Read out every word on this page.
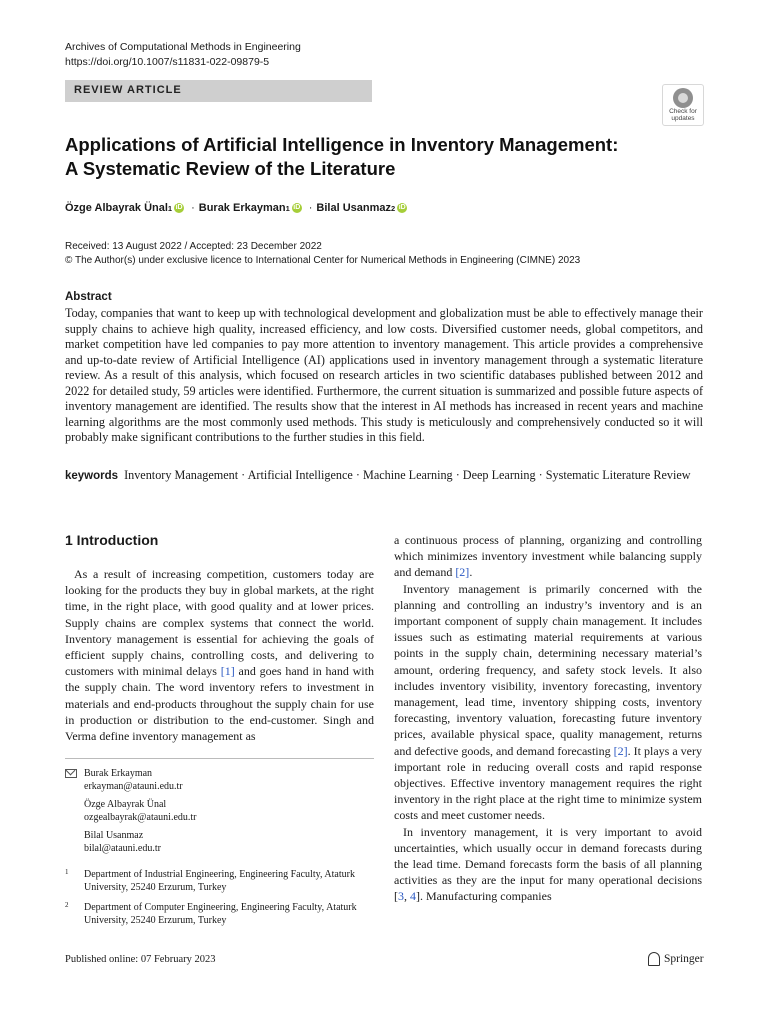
Archives of Computational Methods in Engineering
https://doi.org/10.1007/s11831-022-09879-5
REVIEW ARTICLE
Check for
updates
Applications of Artificial Intelligence in Inventory Management:
A Systematic Review of the Literature
Özge Albayrak Ünal 1 iD · Burak Erkayman 1 iD · Bilal Usanmaz 2 iD
Received: 13 August 2022 / Accepted: 23 December 2022
© The Author(s) under exclusive licence to International Center for Numerical Methods in Engineering (CIMNE) 2023
Abstract
Today, companies that want to keep up with technological development and globalization must be able to effectively manage their supply chains to achieve high quality, increased efficiency, and low costs. Diversified customer needs, global competitors, and market competition have led companies to pay more attention to inventory management. This article provides a comprehensive and up-to-date review of Artificial Intelligence (AI) applications used in inventory management through a systematic literature review. As a result of this analysis, which focused on research articles in two scientific databases published between 2012 and 2022 for detailed study, 59 articles were identified. Furthermore, the current situation is summarized and possible future aspects of inventory management are identified. The results show that the interest in AI methods has increased in recent years and machine learning algorithms are the most commonly used methods. This study is meticulously and comprehensively conducted so it will probably make significant contributions to the further studies in this field.
keywords Inventory Management · Artificial Intelligence · Machine Learning · Deep Learning · Systematic Literature Review
1 Introduction

As a result of increasing competition, customers today are looking for the products they buy in global markets, at the right time, in the right place, with good quality and at lower prices. Supply chains are complex systems that connect the world. Inventory management is essential for achieving the goals of efficient supply chains, controlling costs, and delivering to customers with minimal delays [1] and goes hand in hand with the supply chain. The word inventory refers to investment in materials and end-products throughout the supply chain for use in production or distribution to the end-customer. Singh and Verma define inventory management as

Burak Erkayman
erkayman@atauni.edu.tr
Özge Albayrak Ünal
ozgealbayrak@atauni.edu.tr
Bilal Usanmaz
bilal@atauni.edu.tr
1 Department of Industrial Engineering, Engineering Faculty, Ataturk University, 25240 Erzurum, Turkey
2 Department of Computer Engineering, Engineering Faculty, Ataturk University, 25240 Erzurum, Turkey

a continuous process of planning, organizing and controlling which minimizes inventory investment while balancing supply and demand [2].

Inventory management is primarily concerned with the planning and controlling an industry’s inventory and is an important component of supply chain management. It includes issues such as estimating material requirements at various points in the supply chain, determining necessary material’s amount, ordering frequency, and safety stock levels. It also includes inventory visibility, inventory forecasting, inventory management, lead time, inventory shipping costs, inventory forecasting, inventory valuation, forecasting future inventory prices, available physical space, quality management, returns and defective goods, and demand forecasting [2]. It plays a very important role in reducing overall costs and rapid response objectives. Effective inventory management requires the right inventory in the right place at the right time to minimize system costs and meet customer needs.

In inventory management, it is very important to avoid uncertainties, which usually occur in demand forecasts during the lead time. Demand forecasts form the basis of all planning activities as they are the input for many operational decisions [3, 4]. Manufacturing companies

Published online: 07 February 2023	Springer
